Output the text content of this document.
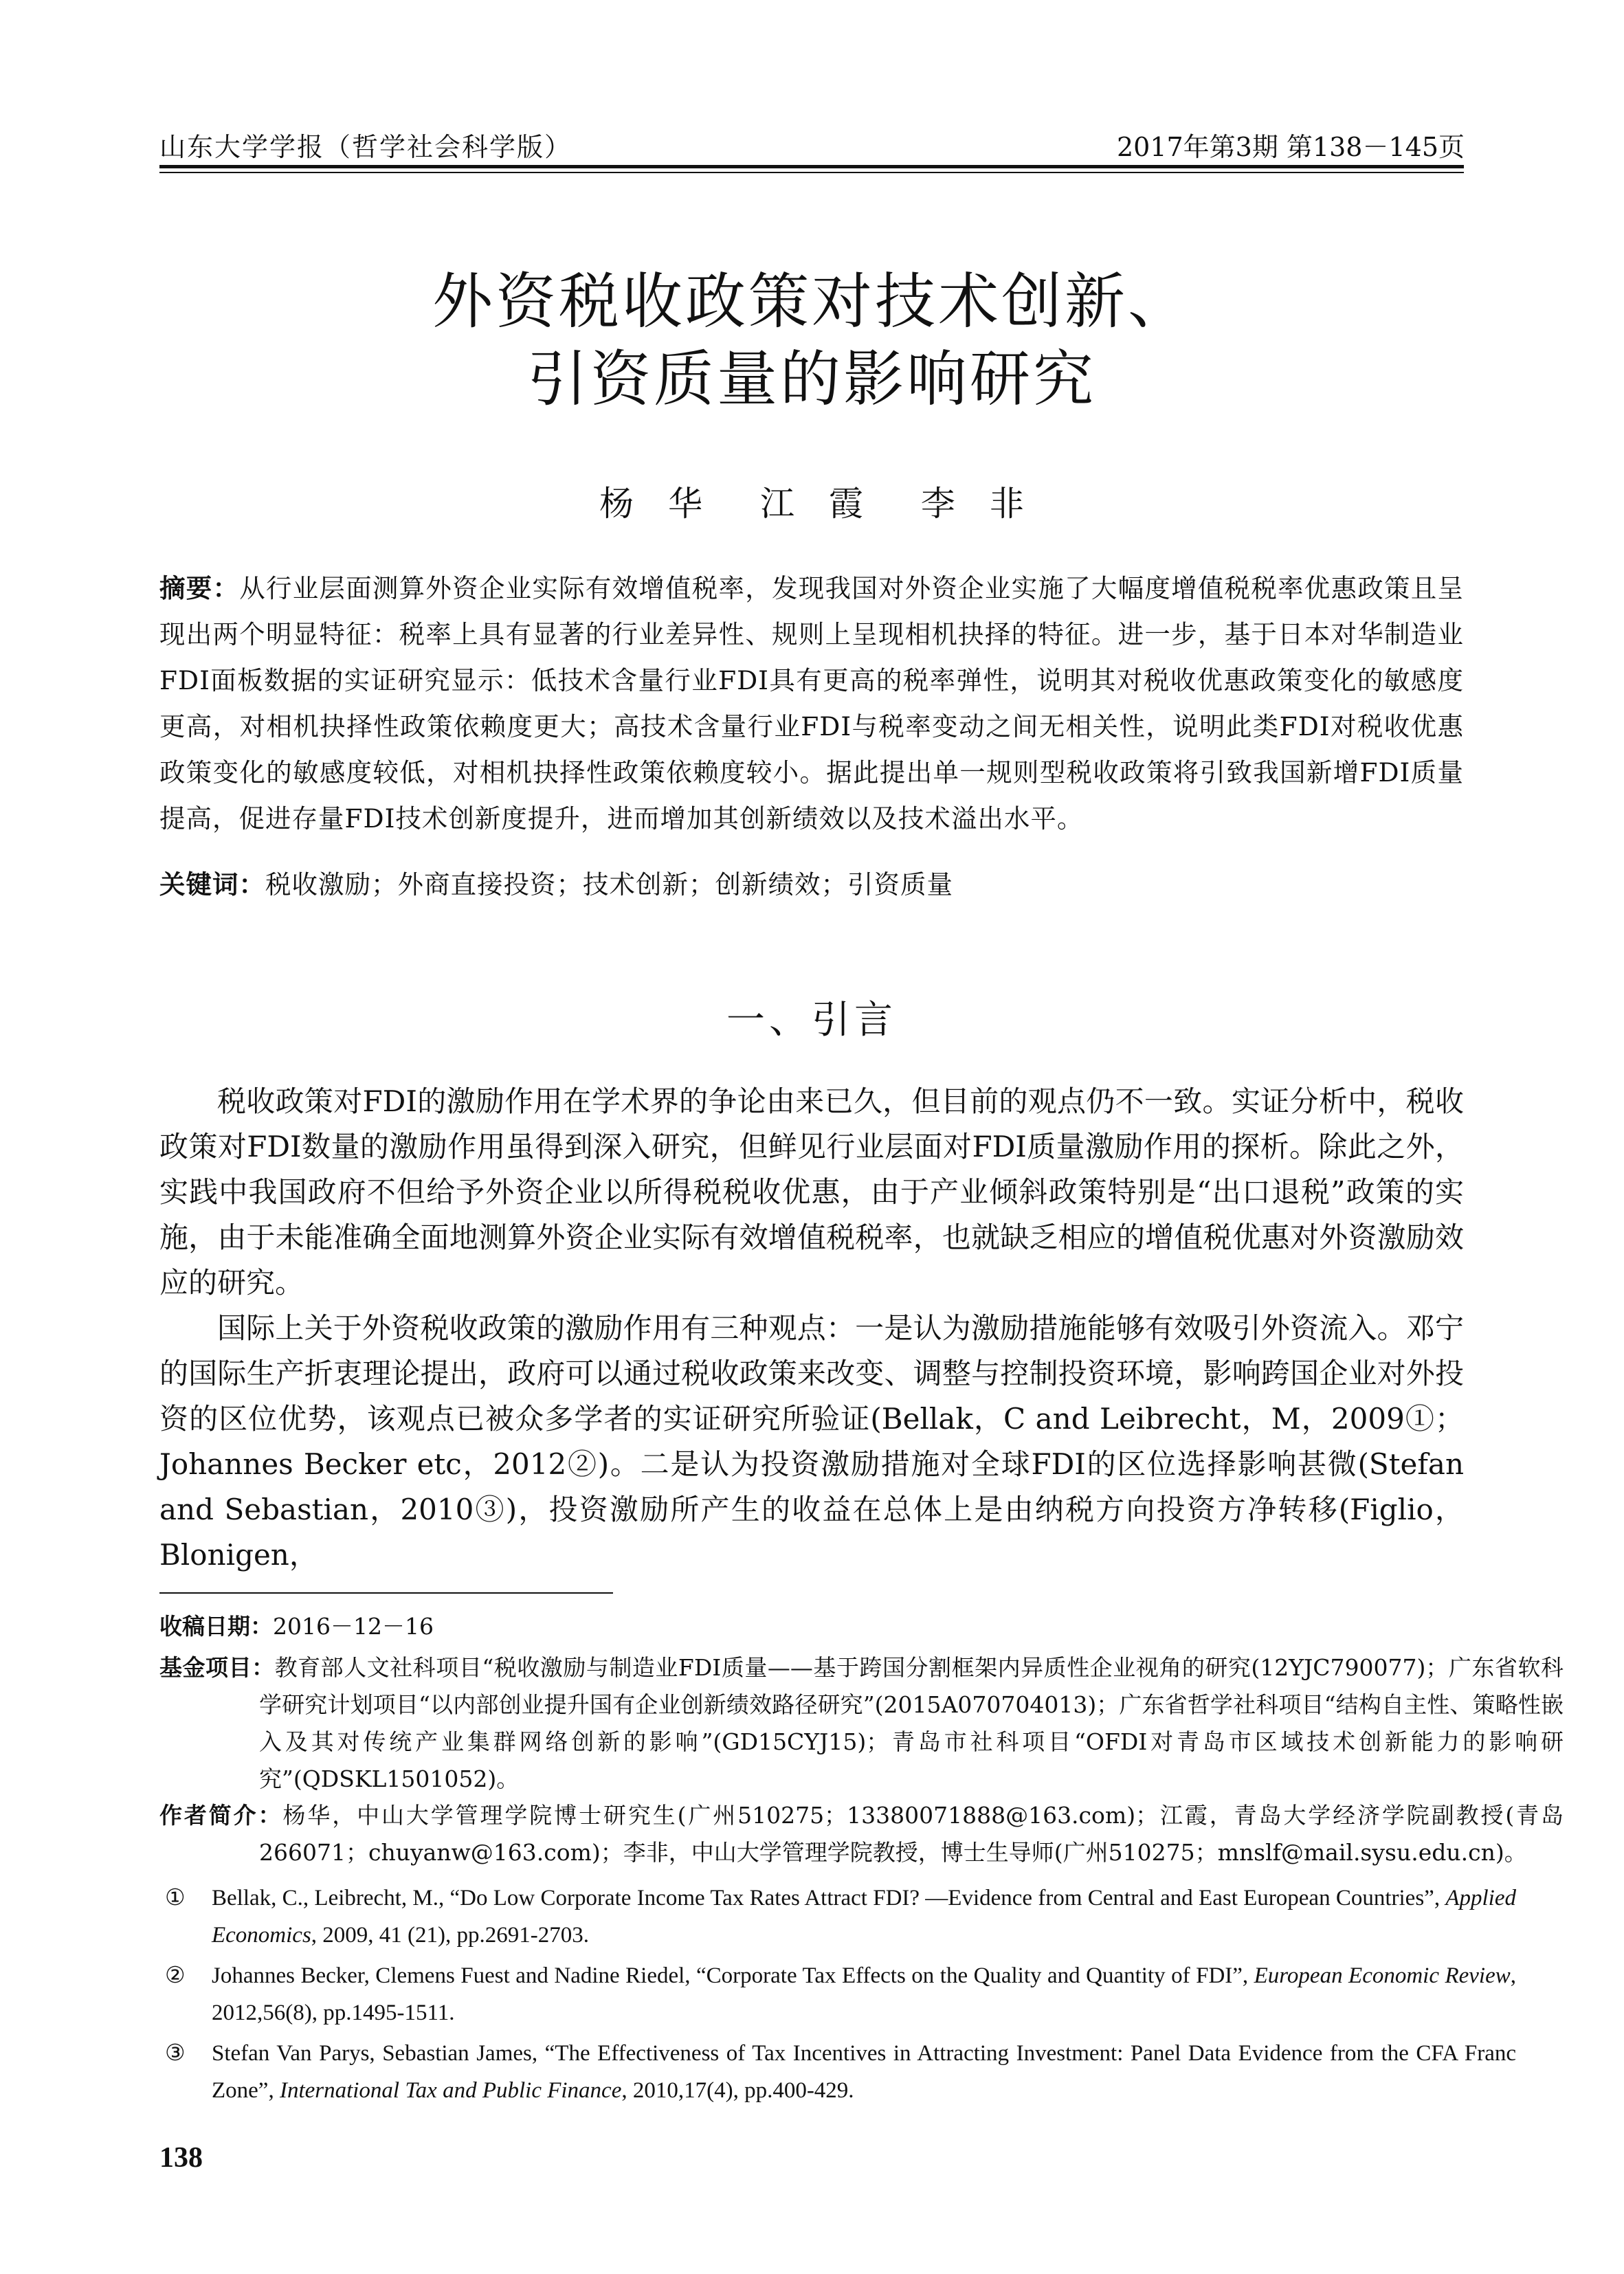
山东大学学报（哲学社会科学版）	2017年第3期 第138－145页
外资税收政策对技术创新、
引资质量的影响研究
杨　华 江　霞 李　非

摘要：从行业层面测算外资企业实际有效增值税率，发现我国对外资企业实施了大幅度增值税税率优惠政策且呈现出两个明显特征：税率上具有显著的行业差异性、规则上呈现相机抉择的特征。进一步，基于日本对华制造业FDI面板数据的实证研究显示：低技术含量行业FDI具有更高的税率弹性，说明其对税收优惠政策变化的敏感度更高，对相机抉择性政策依赖度更大；高技术含量行业FDI与税率变动之间无相关性，说明此类FDI对税收优惠政策变化的敏感度较低，对相机抉择性政策依赖度较小。据此提出单一规则型税收政策将引致我国新增FDI质量提高，促进存量FDI技术创新度提升，进而增加其创新绩效以及技术溢出水平。

关键词：税收激励；外商直接投资；技术创新；创新绩效；引资质量

一、引言

税收政策对FDI的激励作用在学术界的争论由来已久，但目前的观点仍不一致。实证分析中，税收政策对FDI数量的激励作用虽得到深入研究，但鲜见行业层面对FDI质量激励作用的探析。除此之外，实践中我国政府不但给予外资企业以所得税税收优惠，由于产业倾斜政策特别是“出口退税”政策的实施，由于未能准确全面地测算外资企业实际有效增值税税率，也就缺乏相应的增值税优惠对外资激励效应的研究。

国际上关于外资税收政策的激励作用有三种观点：一是认为激励措施能够有效吸引外资流入。邓宁的国际生产折衷理论提出，政府可以通过税收政策来改变、调整与控制投资环境，影响跨国企业对外投资的区位优势，该观点已被众多学者的实证研究所验证(Bellak，C and Leibrecht，M，2009①；Johannes Becker etc，2012②)。二是认为投资激励措施对全球FDI的区位选择影响甚微(Stefan and Sebastian，2010③)，投资激励所产生的收益在总体上是由纳税方向投资方净转移(Figlio，Blonigen，

收稿日期：2016－12－16

基金项目：教育部人文社科项目“税收激励与制造业FDI质量——基于跨国分割框架内异质性企业视角的研究(12YJC790077)；广东省软科学研究计划项目“以内部创业提升国有企业创新绩效路径研究”(2015A070704013)；广东省哲学社科项目“结构自主性、策略性嵌入及其对传统产业集群网络创新的影响”(GD15CYJ15)；青岛市社科项目“OFDI对青岛市区域技术创新能力的影响研究”(QDSKL1501052)。

作者简介：杨华，中山大学管理学院博士研究生(广州510275；13380071888@163.com)；江霞，青岛大学经济学院副教授(青岛266071；chuyanw@163.com)；李非，中山大学管理学院教授，博士生导师(广州510275；mnslf@mail.sysu.edu.cn)。

① Bellak, C., Leibrecht, M., “Do Low Corporate Income Tax Rates Attract FDI? —Evidence from Central and East European Countries”, Applied Economics, 2009, 41 (21), pp.2691-2703.

② Johannes Becker, Clemens Fuest and Nadine Riedel, “Corporate Tax Effects on the Quality and Quantity of FDI”, European Economic Review, 2012,56(8), pp.1495-1511.

③ Stefan Van Parys, Sebastian James, “The Effectiveness of Tax Incentives in Attracting Investment: Panel Data Evidence from the CFA Franc Zone”, International Tax and Public Finance, 2010,17(4), pp.400-429.

138
